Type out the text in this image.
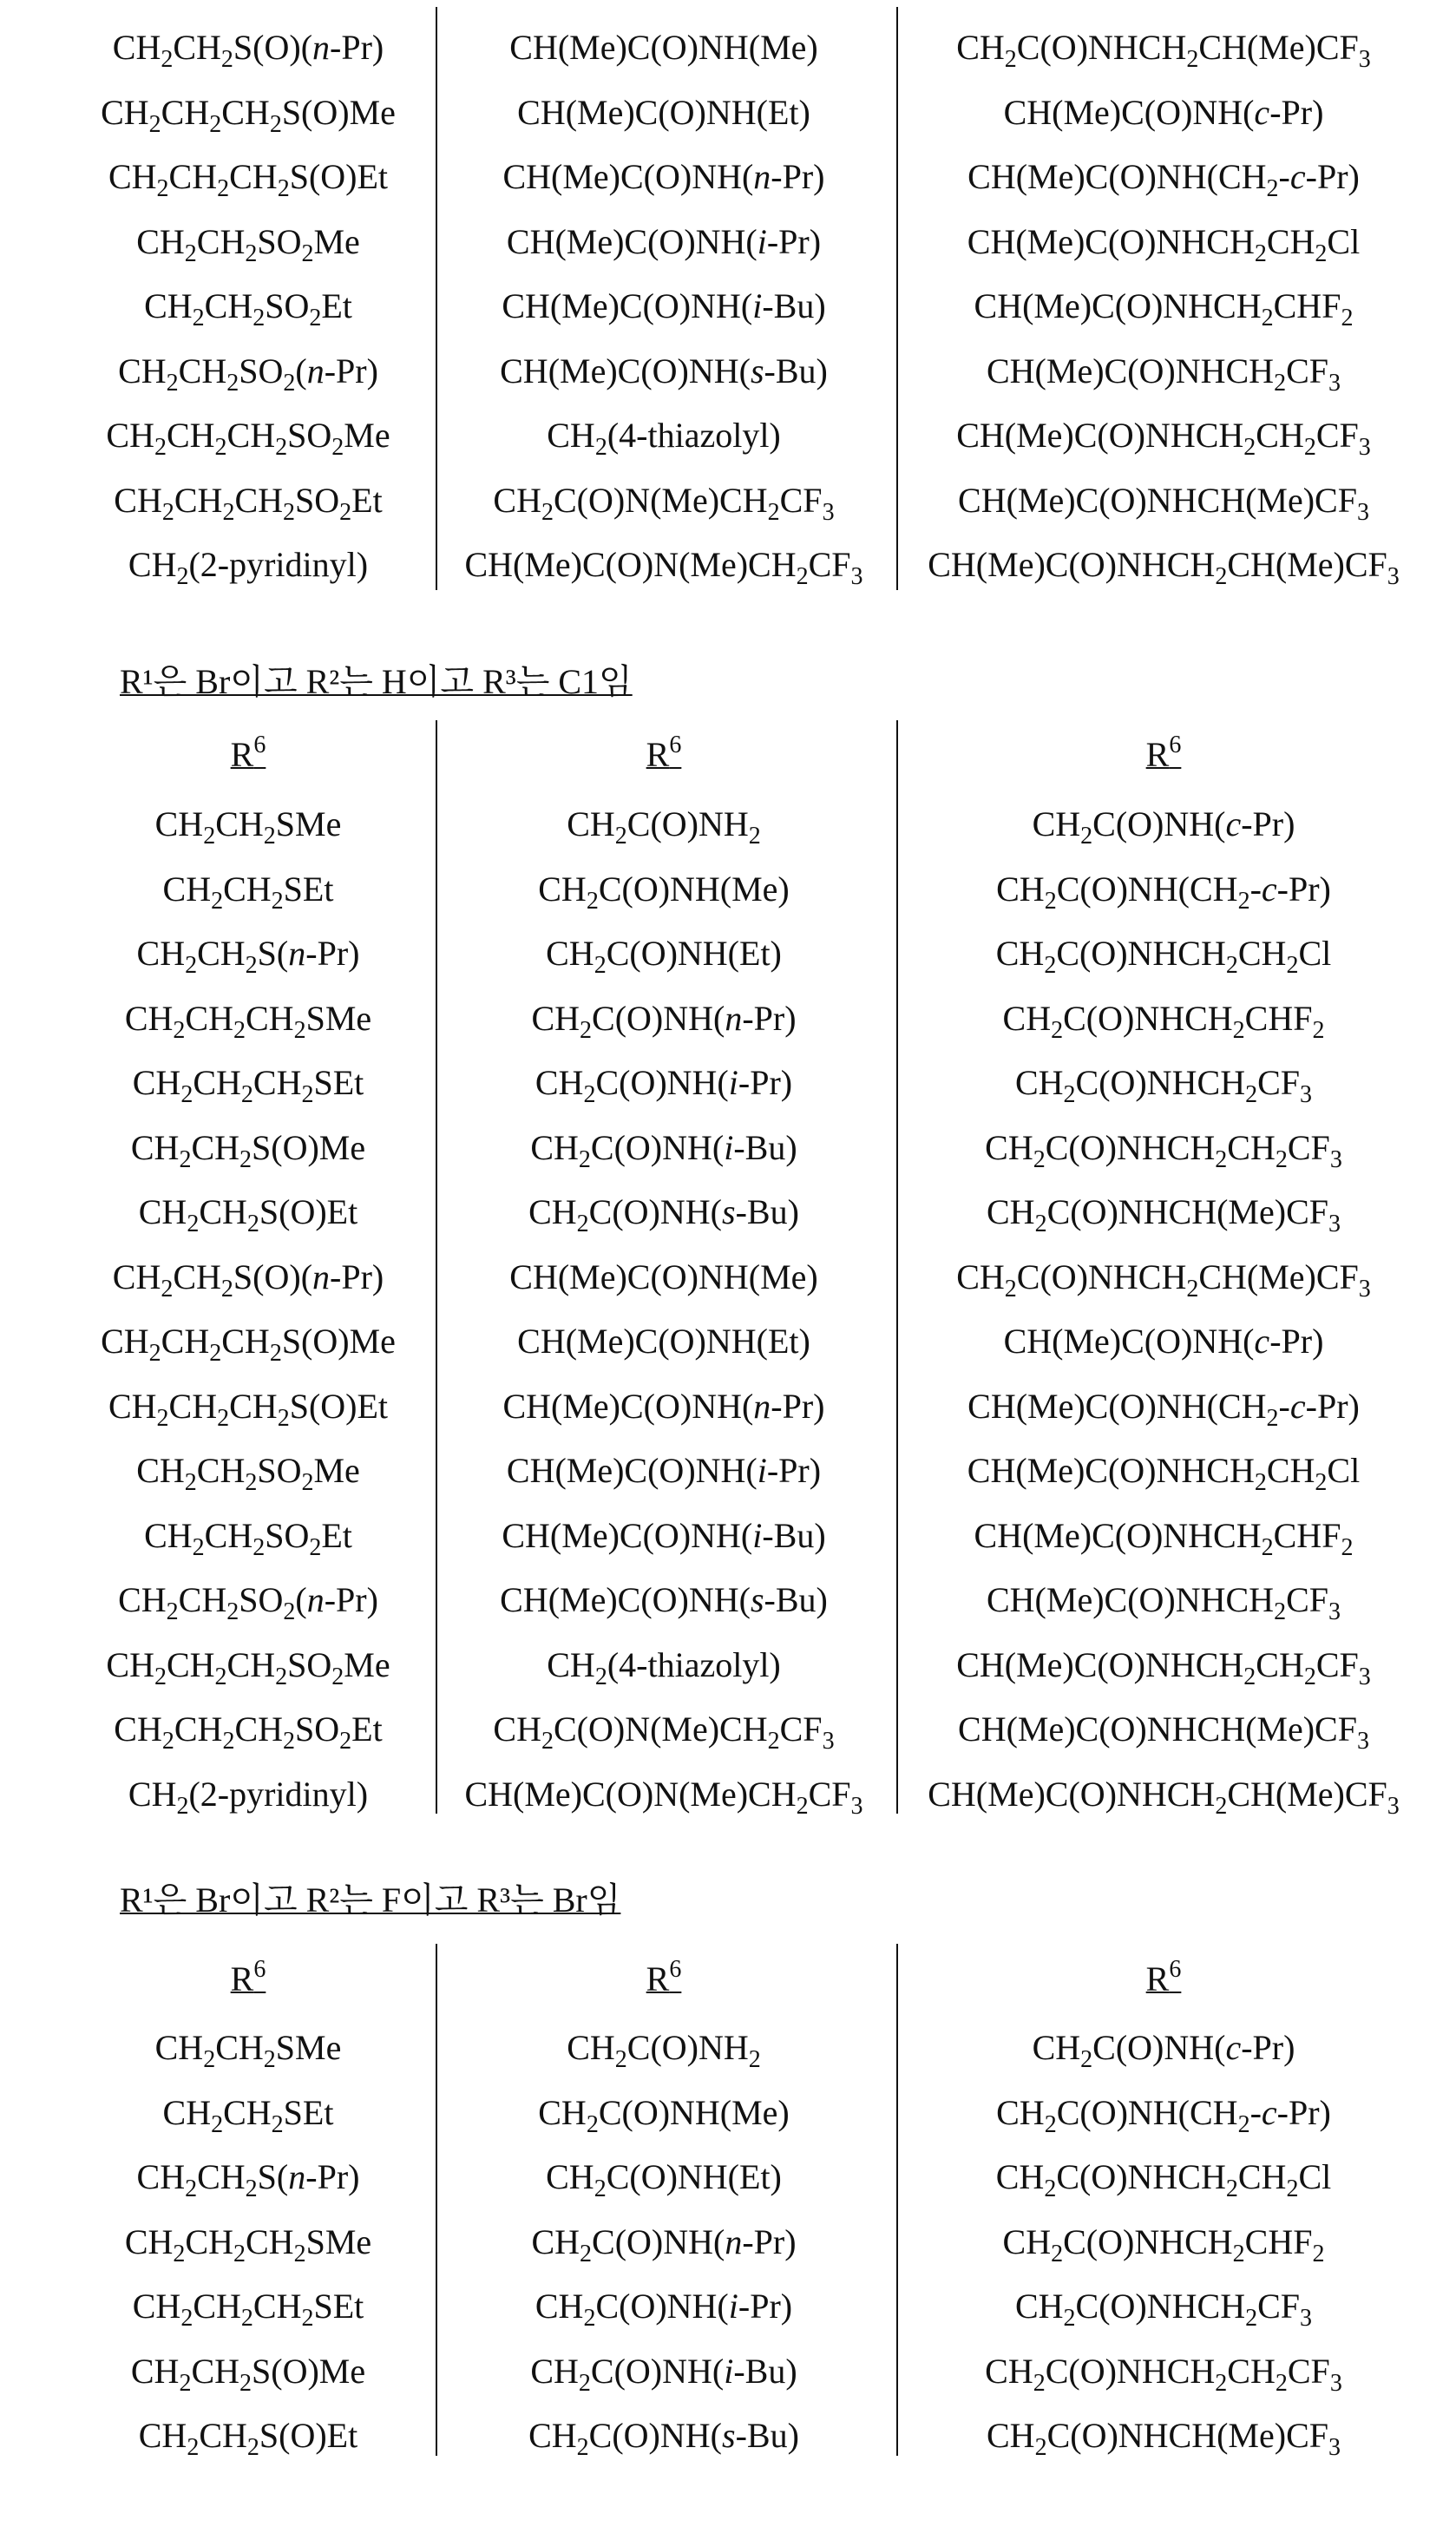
CH2CH2S(O)(n-Pr)
CH2CH2CH2S(O)Me
CH2CH2CH2S(O)Et
CH2CH2SO2Me
CH2CH2SO2Et
CH2CH2SO2(n-Pr)
CH2CH2CH2SO2Me
CH2CH2CH2SO2Et
CH2(2-pyridinyl)
CH(Me)C(O)NH(Me)
CH(Me)C(O)NH(Et)
CH(Me)C(O)NH(n-Pr)
CH(Me)C(O)NH(i-Pr)
CH(Me)C(O)NH(i-Bu)
CH(Me)C(O)NH(s-Bu)
CH2(4-thiazolyl)
CH2C(O)N(Me)CH2CF3
CH(Me)C(O)N(Me)CH2CF3
CH2C(O)NHCH2CH(Me)CF3
CH(Me)C(O)NH(c-Pr)
CH(Me)C(O)NH(CH2-c-Pr)
CH(Me)C(O)NHCH2CH2Cl
CH(Me)C(O)NHCH2CHF2
CH(Me)C(O)NHCH2CF3
CH(Me)C(O)NHCH2CH2CF3
CH(Me)C(O)NHCH(Me)CF3
CH(Me)C(O)NHCH2CH(Me)CF3
R¹은 Br이고 R²는 H이고 R³는 C1임
R6
CH2CH2SMe
CH2CH2SEt
CH2CH2S(n-Pr)
CH2CH2CH2SMe
CH2CH2CH2SEt
CH2CH2S(O)Me
CH2CH2S(O)Et
CH2CH2S(O)(n-Pr)
CH2CH2CH2S(O)Me
CH2CH2CH2S(O)Et
CH2CH2SO2Me
CH2CH2SO2Et
CH2CH2SO2(n-Pr)
CH2CH2CH2SO2Me
CH2CH2CH2SO2Et
CH2(2-pyridinyl)
R6
CH2C(O)NH2
CH2C(O)NH(Me)
CH2C(O)NH(Et)
CH2C(O)NH(n-Pr)
CH2C(O)NH(i-Pr)
CH2C(O)NH(i-Bu)
CH2C(O)NH(s-Bu)
CH(Me)C(O)NH(Me)
CH(Me)C(O)NH(Et)
CH(Me)C(O)NH(n-Pr)
CH(Me)C(O)NH(i-Pr)
CH(Me)C(O)NH(i-Bu)
CH(Me)C(O)NH(s-Bu)
CH2(4-thiazolyl)
CH2C(O)N(Me)CH2CF3
CH(Me)C(O)N(Me)CH2CF3
R6
CH2C(O)NH(c-Pr)
CH2C(O)NH(CH2-c-Pr)
CH2C(O)NHCH2CH2Cl
CH2C(O)NHCH2CHF2
CH2C(O)NHCH2CF3
CH2C(O)NHCH2CH2CF3
CH2C(O)NHCH(Me)CF3
CH2C(O)NHCH2CH(Me)CF3
CH(Me)C(O)NH(c-Pr)
CH(Me)C(O)NH(CH2-c-Pr)
CH(Me)C(O)NHCH2CH2Cl
CH(Me)C(O)NHCH2CHF2
CH(Me)C(O)NHCH2CF3
CH(Me)C(O)NHCH2CH2CF3
CH(Me)C(O)NHCH(Me)CF3
CH(Me)C(O)NHCH2CH(Me)CF3
R¹은 Br이고 R²는 F이고 R³는 Br임
R6
CH2CH2SMe
CH2CH2SEt
CH2CH2S(n-Pr)
CH2CH2CH2SMe
CH2CH2CH2SEt
CH2CH2S(O)Me
CH2CH2S(O)Et
R6
CH2C(O)NH2
CH2C(O)NH(Me)
CH2C(O)NH(Et)
CH2C(O)NH(n-Pr)
CH2C(O)NH(i-Pr)
CH2C(O)NH(i-Bu)
CH2C(O)NH(s-Bu)
R6
CH2C(O)NH(c-Pr)
CH2C(O)NH(CH2-c-Pr)
CH2C(O)NHCH2CH2Cl
CH2C(O)NHCH2CHF2
CH2C(O)NHCH2CF3
CH2C(O)NHCH2CH2CF3
CH2C(O)NHCH(Me)CF3
